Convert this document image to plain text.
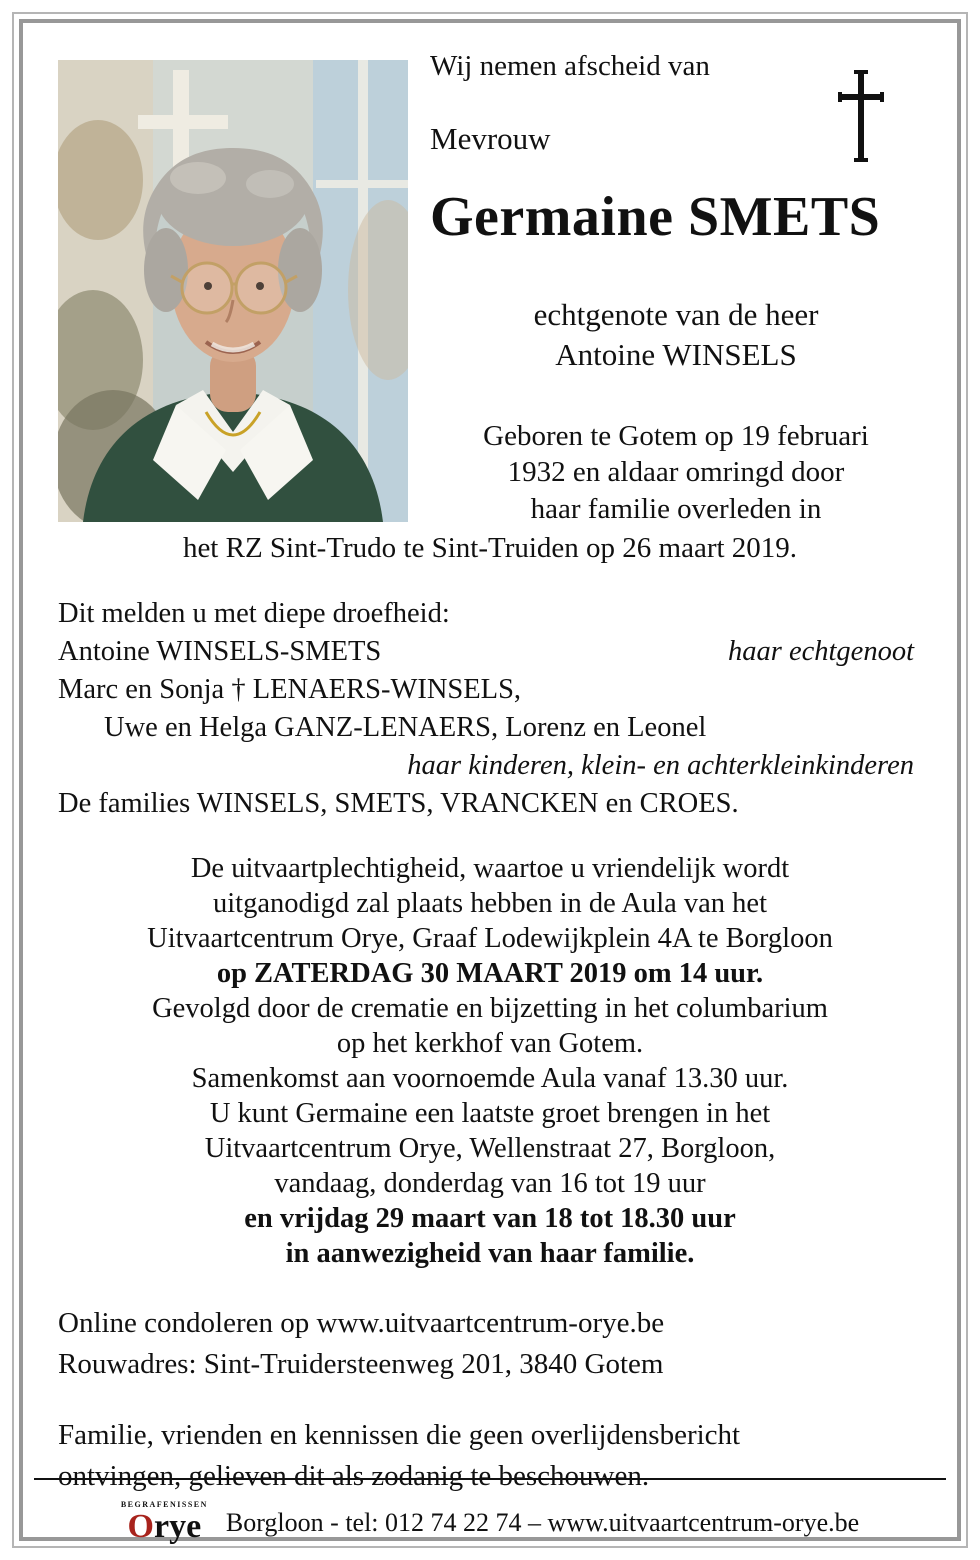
Wij nemen afscheid van
Mevrouw
Germaine SMETS
echtgenote van de heer
Antoine WINSELS
Geboren te Gotem op 19 februari
1932 en aldaar omringd door
haar familie overleden in
het RZ Sint-Trudo te Sint-Truiden op 26 maart 2019.
Dit melden u met diepe droefheid:
Antoine WINSELS-SMETS	haar echtgenoot
Marc en Sonja † LENAERS-WINSELS,
Uwe en Helga GANZ-LENAERS, Lorenz en Leonel
haar kinderen, klein- en achterkleinkinderen
De families WINSELS, SMETS, VRANCKEN en CROES.
De uitvaartplechtigheid, waartoe u vriendelijk wordt
uitganodigd zal plaats hebben in de Aula van het
Uitvaartcentrum Orye, Graaf Lodewijkplein 4A te Borgloon
op ZATERDAG 30 MAART 2019 om 14 uur.
Gevolgd door de crematie en bijzetting in het columbarium
op het kerkhof van Gotem.
Samenkomst aan voornoemde Aula vanaf 13.30 uur.
U kunt Germaine een laatste groet brengen in het
Uitvaartcentrum Orye, Wellenstraat 27, Borgloon,
vandaag, donderdag van 16 tot 19 uur
en vrijdag 29 maart van 18 tot 18.30 uur
in aanwezigheid van haar familie.
Online condoleren op www.uitvaartcentrum-orye.be
Rouwadres: Sint-Truidersteenweg 201, 3840 Gotem
Familie, vrienden en kennissen die geen overlijdensbericht
ontvingen, gelieven dit als zodanig te beschouwen.
BEGRAFENISSEN
Orye Borgloon - tel: 012 74 22 74 – www.uitvaartcentrum-orye.be
